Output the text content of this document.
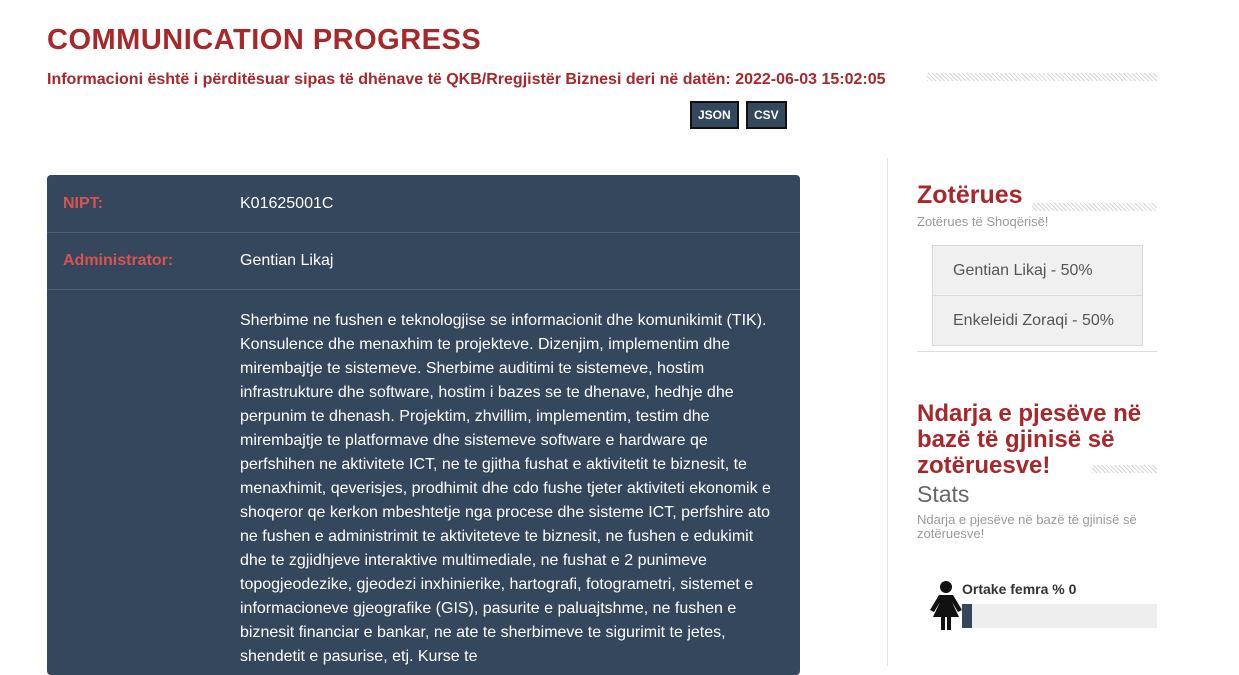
COMMUNICATION PROGRESS

Informacioni është i përditësuar sipas të dhënave të QKB/Rregjistër Biznesi deri në datën: 2022-06-03 15:02:05

JSON	CSV
NIPT:	K01625001C
Administrator:	Gentian Likaj
Sherbime ne fushen e teknologjise se informacionit dhe komunikimit (TIK). Konsulence dhe menaxhim te projekteve. Dizenjim, implementim dhe mirembajtje te sistemeve. Sherbime auditimi te sistemeve, hostim infrastrukture dhe software, hostim i bazes se te dhenave, hedhje dhe perpunim te dhenash. Projektim, zhvillim, implementim, testim dhe mirembajtje te platformave dhe sistemeve software e hardware qe perfshihen ne aktivitete ICT, ne te gjitha fushat e aktivitetit te biznesit, te menaxhimit, qeverisjes, prodhimit dhe cdo fushe tjeter aktiviteti ekonomik e shoqeror qe kerkon mbeshtetje nga procese dhe sisteme ICT, perfshire ato ne fushen e administrimit te aktiviteteve te biznesit, ne fushen e edukimit dhe te zgjidhjeve interaktive multimediale, ne fushat e 2 punimeve topogjeodezike, gjeodezi inxhinierike, hartografi, fotogrametri, sistemet e informacioneve gjeografike (GIS), pasurite e paluajtshme, ne fushen e biznesit financiar e bankar, ne ate te sherbimeve te sigurimit te jetes, shendetit e pasurise, etj. Kurse te
Zotërues
Zotërues të Shoqërisë!
Gentian Likaj - 50%
Enkeleidi Zoraqi - 50%
Ndarja e pjesëve në bazë të gjinisë së zotëruesve!
Stats
Ndarja e pjesëve në bazë të gjinisë së zotëruesve!
Ortake femra % 0
